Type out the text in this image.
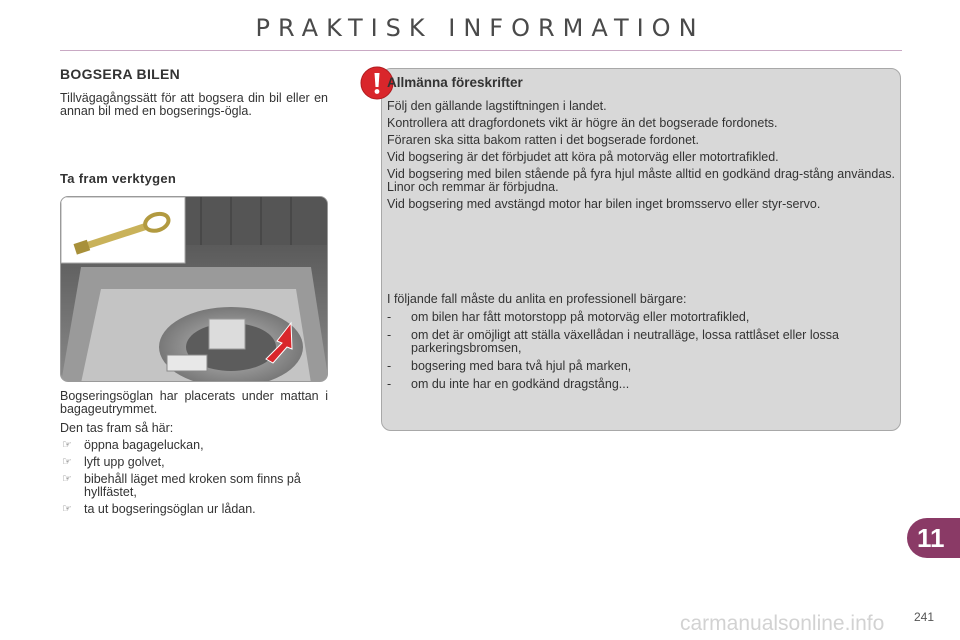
PRAKTISK INFORMATION
BOGSERA BILEN

Tillvägagångssätt för att bogsera din bil eller en annan bil med en bogserings-ögla.

Ta fram verktygen

Bogseringsöglan har placerats under mattan i bagageutrymmet.

Den tas fram så här:

☞ öppna bagageluckan,
☞ lyft upp golvet,
☞ bibehåll läget med kroken som finns på hyllfästet,
☞ ta ut bogseringsöglan ur lådan.
Allmänna föreskrifter

Följ den gällande lagstiftningen i landet.

Kontrollera att dragfordonets vikt är högre än det bogserade fordonets.

Föraren ska sitta bakom ratten i det bogserade fordonet.

Vid bogsering är det förbjudet att köra på motorväg eller motortrafikled.

Vid bogsering med bilen stående på fyra hjul måste alltid en godkänd drag-stång användas. Linor och remmar är förbjudna.

Vid bogsering med avstängd motor har bilen inget bromsservo eller styr-servo.

I följande fall måste du anlita en professionell bärgare:

- om bilen har fått motorstopp på motorväg eller motortrafikled,
- om det är omöjligt att ställa växellådan i neutralläge, lossa rattlåset eller lossa parkeringsbromsen,
- bogsering med bara två hjul på marken,
- om du inte har en godkänd dragstång...
11
carmanualsonline.info 241
